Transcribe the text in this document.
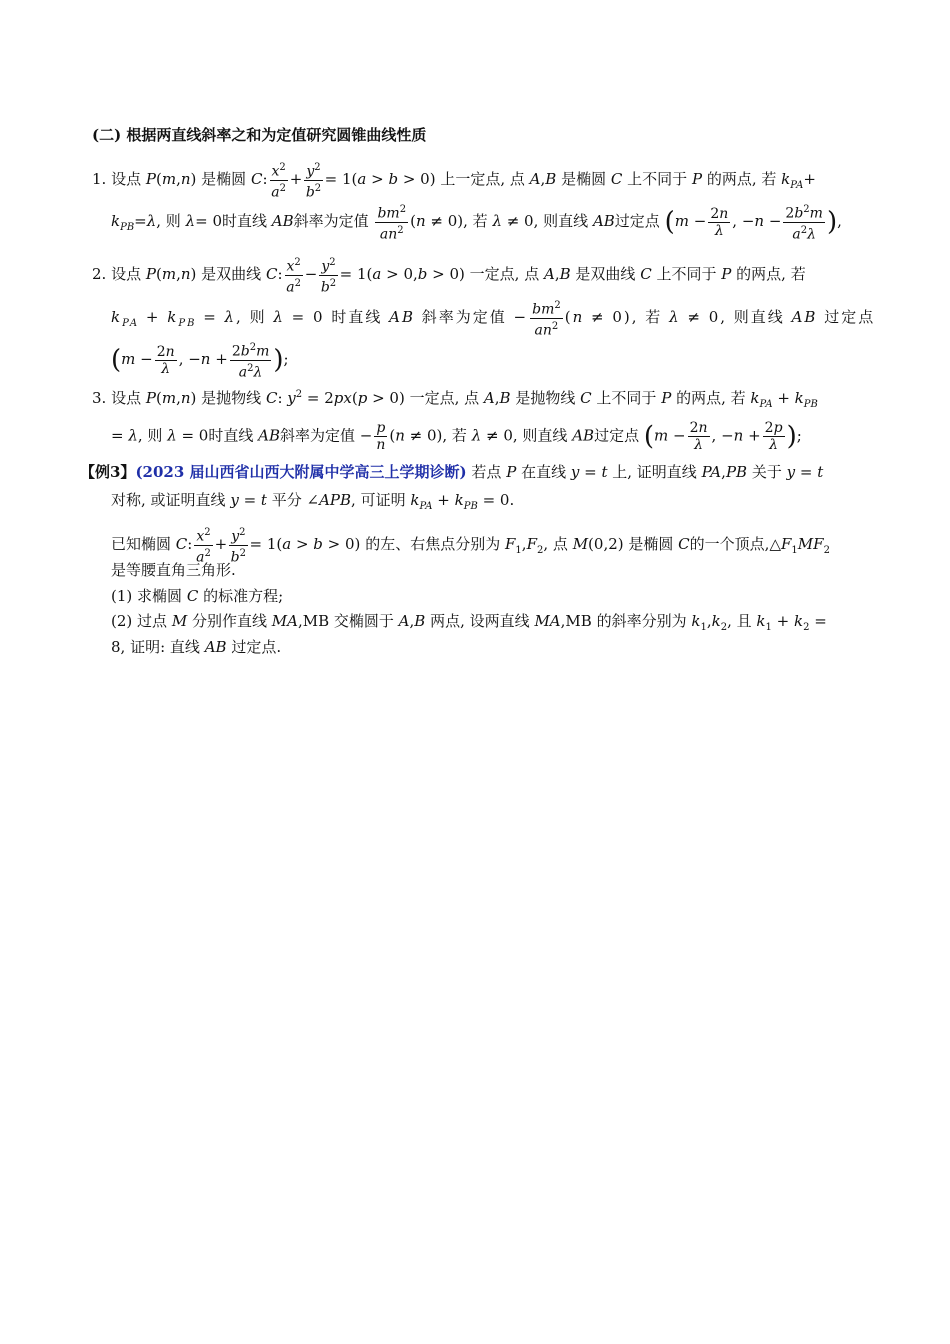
(二) 根据两直线斜率之和为定值研究圆锥曲线性质
1. 设点 P(m,n) 是椭圆 C: $\frac{x^2}{a^2} + \frac{y^2}{b^2} = 1(a > b > 0)$ 上一定点, 点 A,B 是椭圆 C 上不同于 P 的两点, 若 $k_{PA}+$
$k_{PB}=\lambda$, 则 λ= 0时直线 AB斜率为定值 $\frac{bm^2}{an^2} (n \ne 0)$, 若 λ ≠ 0, 则直线 AB过定点 ($m - \frac{2n}{\lambda}$ , $-n - \frac{2b^2m}{a^2\lambda}$ ),
2. 设点 P(m,n) 是双曲线 C: $\frac{x^2}{a^2} - \frac{y^2}{b^2} = 1(a > 0,b > 0)$ 一定点, 点 A,B 是双曲线 C 上不同于 P 的两点, 若
$k_{PA} + k_{PB} = \lambda$, 则 λ = 0 时直线 AB 斜率为定值 − $\frac{bm^2}{an^2} (n \ne 0)$, 若 λ ≠ 0, 则直线 AB 过定点
($m - \frac{2n}{\lambda}$ , $-n + \frac{2b^2m}{a^2\lambda}$ );
3. 设点 P(m,n) 是抛物线 C: $y^2 = 2px(p > 0)$ 一定点, 点 A,B 是抛物线 C 上不同于 P 的两点, 若 $k_{PA} + k_{PB}$
= λ, 则 λ = 0时直线 AB斜率为定值 − $\frac{p}{n} (n \ne 0)$, 若 λ ≠ 0, 则直线 AB过定点 ($m - \frac{2n}{\lambda}$ , $-n + \frac{2p}{\lambda}$ );
【例3】(2023 届山西省山西大附属中学高三上学期诊断) 若点 P 在直线 y = t 上, 证明直线 PA,PB 关于 y = t
对称, 或证明直线 y = t 平分 ∠APB, 可证明 $k_{PA} + k_{PB} = 0$.
已知椭圆 C: $\frac{x^2}{a^2} + \frac{y^2}{b^2} = 1(a > b > 0)$ 的左、右焦点分别为 $F_1,F_2$, 点 M(0,2) 是椭圆 C的一个顶点$,\triangle F_1MF_2$
是等腰直角三角形.
(1) 求椭圆 C 的标准方程;
(2) 过点 M 分别作直线 MA,MB 交椭圆于 A,B 两点, 设两直线 MA,MB 的斜率分别为 $k_1,k_2$, 且 $k_1 + k_2$ =
8, 证明: 直线 AB 过定点.
